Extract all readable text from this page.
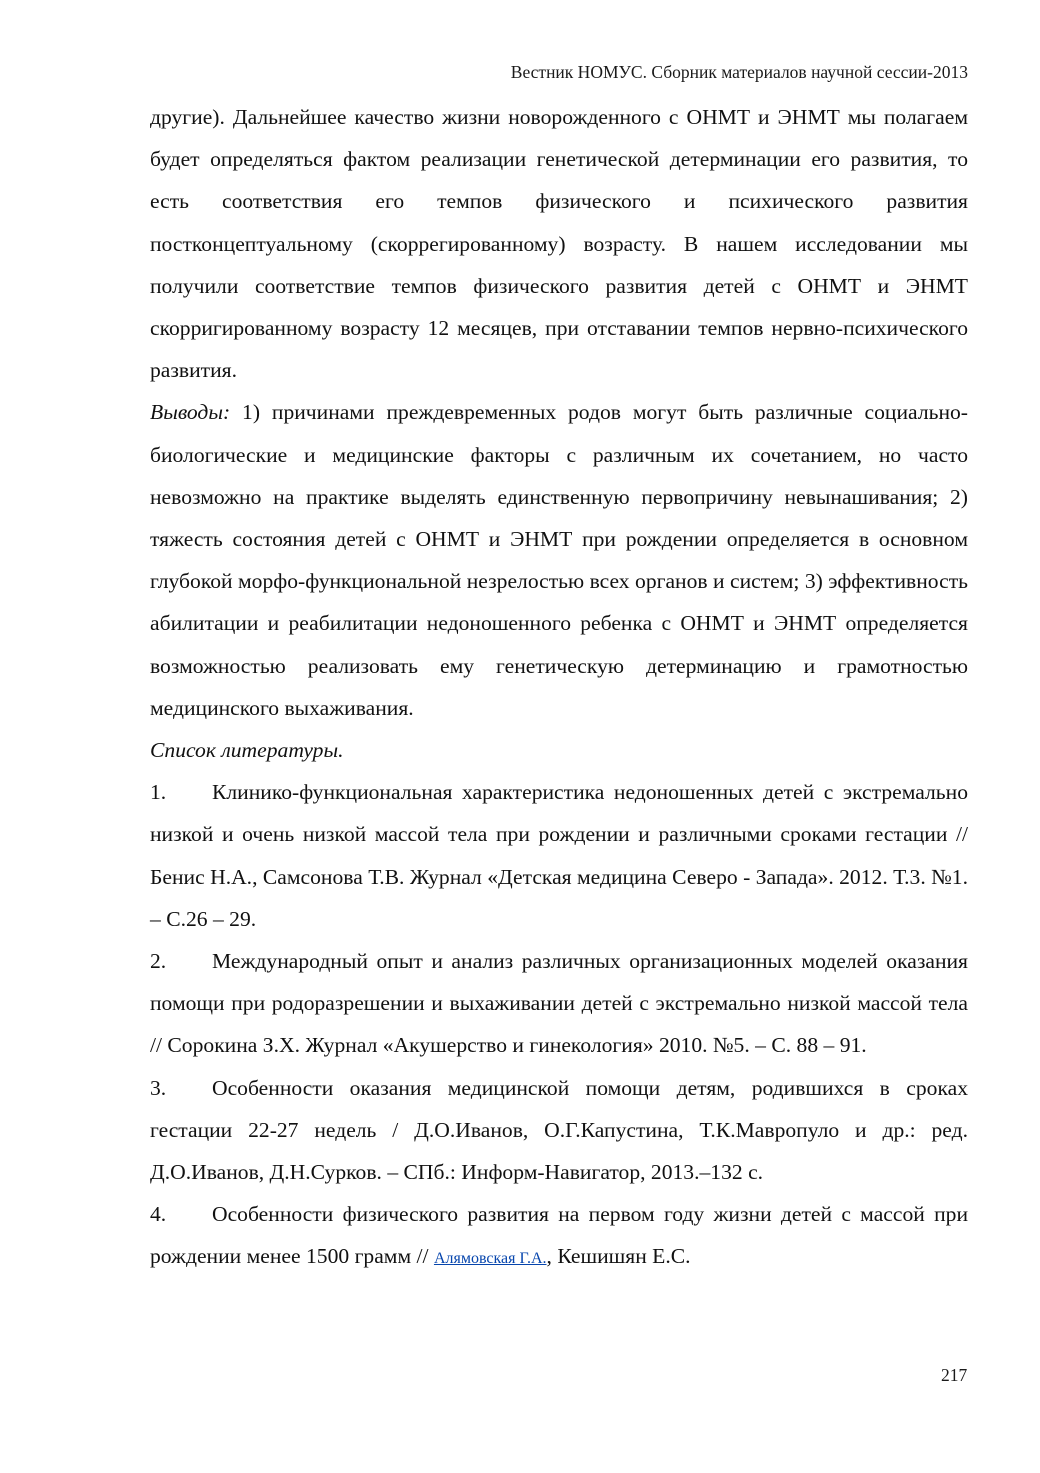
Вестник НОМУС. Сборник материалов научной сессии-2013

другие). Дальнейшее качество жизни новорожденного с ОНМТ и ЭНМТ мы полагаем будет определяться фактом реализации генетической детерминации его развития, то есть соответствия его темпов физического и психического развития постконцептуальному (скоррегированному) возрасту. В нашем исследовании мы получили соответствие темпов физического развития детей с ОНМТ и ЭНМТ скорригированному возрасту 12 месяцев, при отставании темпов нервно-психического развития.

Выводы: 1) причинами преждевременных родов могут быть различные социально-биологические и медицинские факторы с различным их сочетанием, но часто невозможно на практике выделять единственную первопричину невынашивания; 2) тяжесть состояния детей с ОНМТ и ЭНМТ при рождении определяется в основном глубокой морфо-функциональной незрелостью всех органов и систем; 3) эффективность абилитации и реабилитации недоношенного ребенка с ОНМТ и ЭНМТ определяется возможностью реализовать ему генетическую детерминацию и грамотностью медицинского выхаживания.

Список литературы.

1. Клинико-функциональная характеристика недоношенных детей с экстремально низкой и очень низкой массой тела при рождении и различными сроками гестации // Бенис Н.А., Самсонова Т.В. Журнал «Детская медицина Северо - Запада». 2012. Т.3. №1. – С.26 – 29.

2. Международный опыт и анализ различных организационных моделей оказания помощи при родоразрешении и выхаживании детей с экстремально низкой массой тела // Сорокина З.Х. Журнал «Акушерство и гинекология» 2010. №5. – С. 88 – 91.

3. Особенности оказания медицинской помощи детям, родившихся в сроках гестации 22-27 недель / Д.О.Иванов, О.Г.Капустина, Т.К.Мавропуло и др.: ред. Д.О.Иванов, Д.Н.Сурков. – СПб.: Информ-Навигатор, 2013.–132 с.

4. Особенности физического развития на первом году жизни детей с массой при рождении менее 1500 грамм // Алямовская Г.А., Кешишян Е.С.

217
